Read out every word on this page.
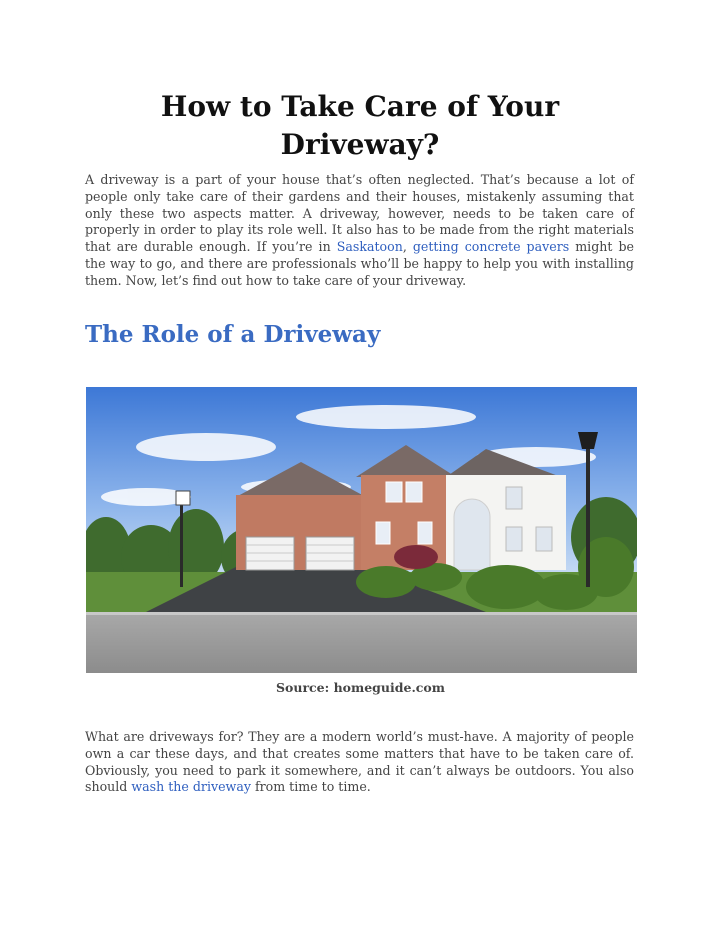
How to Take Care of Your Driveway?

A driveway is a part of your house that’s often neglected. That’s because a lot of people only take care of their gardens and their houses, mistakenly assuming that only these two aspects matter. A driveway, however, needs to be taken care of properly in order to play its role well. It also has to be made from the right materials that are durable enough. If you’re in Saskatoon, getting concrete pavers might be the way to go, and there are professionals who’ll be happy to help you with installing them. Now, let’s find out how to take care of your driveway.

The Role of a Driveway
Source: homeguide.com

What are driveways for? They are a modern world’s must-have. A majority of people own a car these days, and that creates some matters that have to be taken care of. Obviously, you need to park it somewhere, and it can’t always be outdoors. You also should wash the driveway from time to time.
